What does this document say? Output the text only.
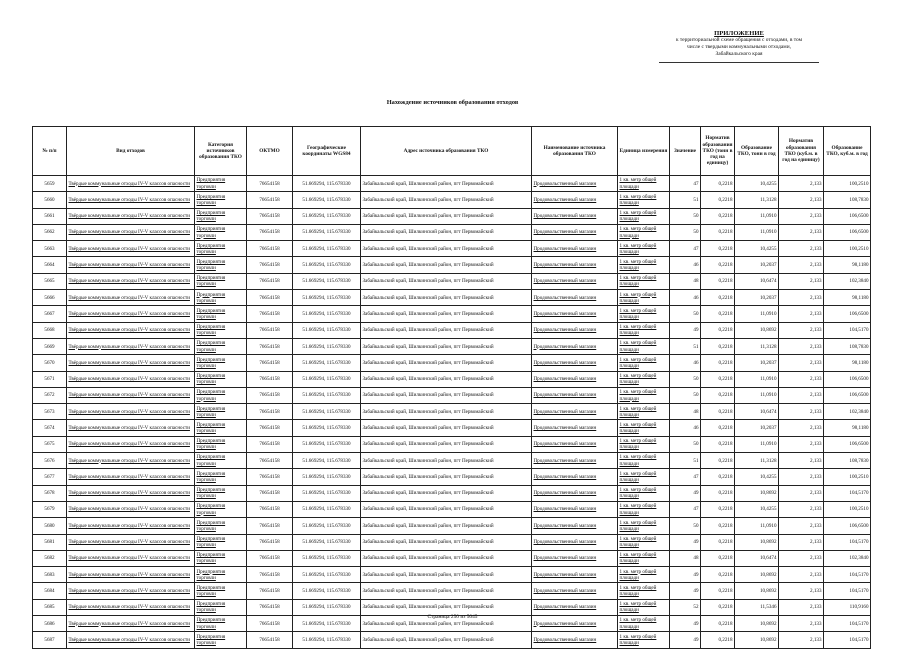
ПРИЛОЖЕНИЕ
к территориальной схеме обращения с отходами, в том
числе с твердыми коммунальными отходами,
Забайкальского края
Нахождение источников образования отходов
№ п/п	Вид отходов	Категория источников образования ТКО	ОКТМО	Географические координаты WGS84	Адрес источника образования ТКО	Наименование источника образования ТКО	Единица измерения	Значение	Норматив образования ТКО (тонн в год на единицу)	Образование ТКО, тонн в год	Норматив образования ТКО (куб.м. в год на единицу)	Образование ТКО, куб.м. в год
5659	Твёрдые коммунальные отходы IV-V классов опасности	Предприятия торговли	76654158	51.669294, 115.678330	Забайкальский край, Шилкинский район, пгт Первомайский	Продовольственный магазин	1 кв. метр общей площади	47	0,2218	10,4255	2,133	100,2510
5660	Твёрдые коммунальные отходы IV-V классов опасности	Предприятия торговли	76654158	51.669294, 115.678330	Забайкальский край, Шилкинский район, пгт Первомайский	Продовольственный магазин	1 кв. метр общей площади	51	0,2218	11,3128	2,133	108,7830
5661	Твёрдые коммунальные отходы IV-V классов опасности	Предприятия торговли	76654158	51.669294, 115.678330	Забайкальский край, Шилкинский район, пгт Первомайский	Продовольственный магазин	1 кв. метр общей площади	50	0,2218	11,0910	2,133	106,6500
5662	Твёрдые коммунальные отходы IV-V классов опасности	Предприятия торговли	76654158	51.669294, 115.678330	Забайкальский край, Шилкинский район, пгт Первомайский	Продовольственный магазин	1 кв. метр общей площади	50	0,2218	11,0910	2,133	106,6500
5663	Твёрдые коммунальные отходы IV-V классов опасности	Предприятия торговли	76654158	51.669294, 115.678330	Забайкальский край, Шилкинский район, пгт Первомайский	Продовольственный магазин	1 кв. метр общей площади	47	0,2218	10,4255	2,133	100,2510
5664	Твёрдые коммунальные отходы IV-V классов опасности	Предприятия торговли	76654158	51.669294, 115.678330	Забайкальский край, Шилкинский район, пгт Первомайский	Продовольственный магазин	1 кв. метр общей площади	46	0,2218	10,2037	2,133	98,1180
5665	Твёрдые коммунальные отходы IV-V классов опасности	Предприятия торговли	76654158	51.669294, 115.678330	Забайкальский край, Шилкинский район, пгт Первомайский	Продовольственный магазин	1 кв. метр общей площади	48	0,2218	10,6474	2,133	102,3840
5666	Твёрдые коммунальные отходы IV-V классов опасности	Предприятия торговли	76654158	51.669294, 115.678330	Забайкальский край, Шилкинский район, пгт Первомайский	Продовольственный магазин	1 кв. метр общей площади	46	0,2218	10,2037	2,133	98,1180
5667	Твёрдые коммунальные отходы IV-V классов опасности	Предприятия торговли	76654158	51.669294, 115.678330	Забайкальский край, Шилкинский район, пгт Первомайский	Продовольственный магазин	1 кв. метр общей площади	50	0,2218	11,0910	2,133	106,6500
5668	Твёрдые коммунальные отходы IV-V классов опасности	Предприятия торговли	76654158	51.669294, 115.678330	Забайкальский край, Шилкинский район, пгт Первомайский	Продовольственный магазин	1 кв. метр общей площади	49	0,2218	10,8692	2,133	104,5170
5669	Твёрдые коммунальные отходы IV-V классов опасности	Предприятия торговли	76654158	51.669294, 115.678330	Забайкальский край, Шилкинский район, пгт Первомайский	Продовольственный магазин	1 кв. метр общей площади	51	0,2218	11,3128	2,133	108,7830
5670	Твёрдые коммунальные отходы IV-V классов опасности	Предприятия торговли	76654158	51.669294, 115.678330	Забайкальский край, Шилкинский район, пгт Первомайский	Продовольственный магазин	1 кв. метр общей площади	46	0,2218	10,2037	2,133	98,1180
5671	Твёрдые коммунальные отходы IV-V классов опасности	Предприятия торговли	76654158	51.669294, 115.678330	Забайкальский край, Шилкинский район, пгт Первомайский	Продовольственный магазин	1 кв. метр общей площади	50	0,2218	11,0910	2,133	106,6500
5672	Твёрдые коммунальные отходы IV-V классов опасности	Предприятия торговли	76654158	51.669294, 115.678330	Забайкальский край, Шилкинский район, пгт Первомайский	Продовольственный магазин	1 кв. метр общей площади	50	0,2218	11,0910	2,133	106,6500
5673	Твёрдые коммунальные отходы IV-V классов опасности	Предприятия торговли	76654158	51.669294, 115.678330	Забайкальский край, Шилкинский район, пгт Первомайский	Продовольственный магазин	1 кв. метр общей площади	48	0,2218	10,6474	2,133	102,3840
5674	Твёрдые коммунальные отходы IV-V классов опасности	Предприятия торговли	76654158	51.669294, 115.678330	Забайкальский край, Шилкинский район, пгт Первомайский	Продовольственный магазин	1 кв. метр общей площади	46	0,2218	10,2037	2,133	98,1180
5675	Твёрдые коммунальные отходы IV-V классов опасности	Предприятия торговли	76654158	51.669294, 115.678330	Забайкальский край, Шилкинский район, пгт Первомайский	Продовольственный магазин	1 кв. метр общей площади	50	0,2218	11,0910	2,133	106,6500
5676	Твёрдые коммунальные отходы IV-V классов опасности	Предприятия торговли	76654158	51.669294, 115.678330	Забайкальский край, Шилкинский район, пгт Первомайский	Продовольственный магазин	1 кв. метр общей площади	51	0,2218	11,3128	2,133	108,7830
5677	Твёрдые коммунальные отходы IV-V классов опасности	Предприятия торговли	76654158	51.669294, 115.678330	Забайкальский край, Шилкинский район, пгт Первомайский	Продовольственный магазин	1 кв. метр общей площади	47	0,2218	10,4255	2,133	100,2510
5678	Твёрдые коммунальные отходы IV-V классов опасности	Предприятия торговли	76654158	51.669294, 115.678330	Забайкальский край, Шилкинский район, пгт Первомайский	Продовольственный магазин	1 кв. метр общей площади	49	0,2218	10,8692	2,133	104,5170
5679	Твёрдые коммунальные отходы IV-V классов опасности	Предприятия торговли	76654158	51.669294, 115.678330	Забайкальский край, Шилкинский район, пгт Первомайский	Продовольственный магазин	1 кв. метр общей площади	47	0,2218	10,4255	2,133	100,2510
5680	Твёрдые коммунальные отходы IV-V классов опасности	Предприятия торговли	76654158	51.669294, 115.678330	Забайкальский край, Шилкинский район, пгт Первомайский	Продовольственный магазин	1 кв. метр общей площади	50	0,2218	11,0910	2,133	106,6500
5681	Твёрдые коммунальные отходы IV-V классов опасности	Предприятия торговли	76654158	51.669294, 115.678330	Забайкальский край, Шилкинский район, пгт Первомайский	Продовольственный магазин	1 кв. метр общей площади	49	0,2218	10,8692	2,133	104,5170
5682	Твёрдые коммунальные отходы IV-V классов опасности	Предприятия торговли	76654158	51.669294, 115.678330	Забайкальский край, Шилкинский район, пгт Первомайский	Продовольственный магазин	1 кв. метр общей площади	48	0,2218	10,6474	2,133	102,3840
5683	Твёрдые коммунальные отходы IV-V классов опасности	Предприятия торговли	76654158	51.669294, 115.678330	Забайкальский край, Шилкинский район, пгт Первомайский	Продовольственный магазин	1 кв. метр общей площади	49	0,2218	10,8692	2,133	104,5170
5684	Твёрдые коммунальные отходы IV-V классов опасности	Предприятия торговли	76654158	51.669294, 115.678330	Забайкальский край, Шилкинский район, пгт Первомайский	Продовольственный магазин	1 кв. метр общей площади	49	0,2218	10,8692	2,133	104,5170
5685	Твёрдые коммунальные отходы IV-V классов опасности	Предприятия торговли	76654158	51.669294, 115.678330	Забайкальский край, Шилкинский район, пгт Первомайский	Продовольственный магазин	1 кв. метр общей площади	52	0,2218	11,5346	2,133	110,9160
5686	Твёрдые коммунальные отходы IV-V классов опасности	Предприятия торговли	76654158	51.669294, 115.678330	Забайкальский край, Шилкинский район, пгт Первомайский	Продовольственный магазин	1 кв. метр общей площади	49	0,2218	10,8692	2,133	104,5170
5687	Твёрдые коммунальные отходы IV-V классов опасности	Предприятия торговли	76654158	51.669294, 115.678330	Забайкальский край, Шилкинский район, пгт Первомайский	Продовольственный магазин	1 кв. метр общей площади	49	0,2218	10,8692	2,133	104,5170
Страница 250 из 5045
